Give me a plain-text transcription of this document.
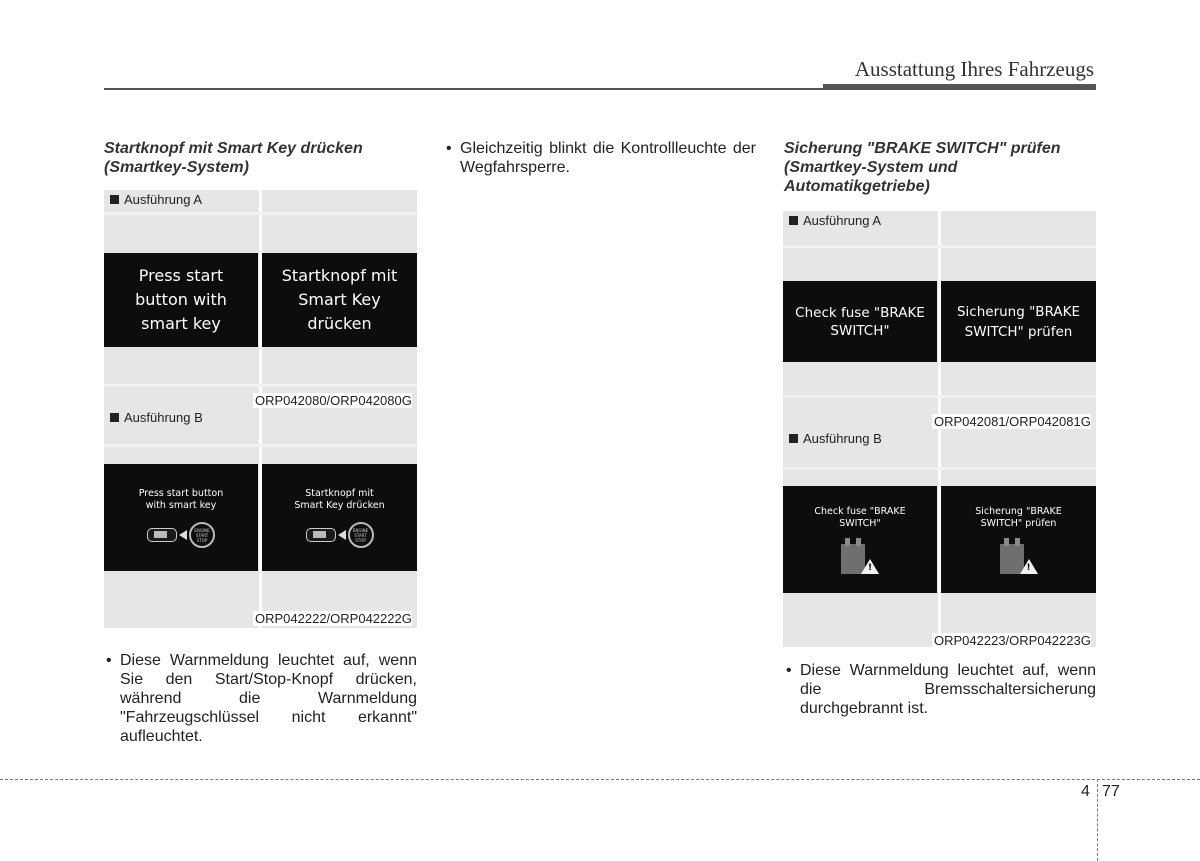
Ausstattung Ihres Fahrzeugs
Startknopf mit Smart Key drücken (Smartkey-System)
Ausführung A
Press start button with smart key
Startknopf mit Smart Key drücken
ORP042080/ORP042080G
Ausführung B
Press start button with smart key
ENGINE START STOP
Startknopf mit Smart Key drücken
ENGINE START STOP
ORP042222/ORP042222G
• Diese Warnmeldung leuchtet auf, wenn Sie den Start/Stop-Knopf drücken, während die Warnmeldung "Fahrzeugschlüssel nicht erkannt" aufleuchtet.
• Gleichzeitig blinkt die Kontrollleuchte der Wegfahrsperre.
Sicherung "BRAKE SWITCH" prüfen (Smartkey-System und Automatikgetriebe)
Ausführung A
Check fuse "BRAKE SWITCH"
Sicherung "BRAKE SWITCH" prüfen
ORP042081/ORP042081G
Ausführung B
Check fuse "BRAKE SWITCH"
!
Sicherung "BRAKE SWITCH" prüfen
!
ORP042223/ORP042223G
• Diese Warnmeldung leuchtet auf, wenn die Bremsschaltersicherung durchgebrannt ist.
4 77
